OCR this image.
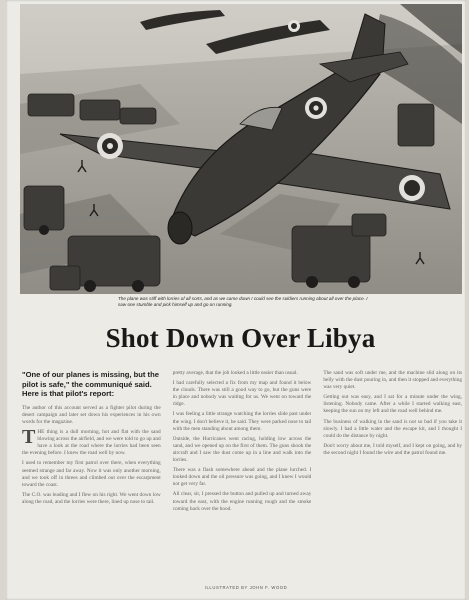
The plane was stiff with lorries of all sorts, and as we came down I could see the soldiers running about all over the place. I saw one stumble and pick himself up and go on running.
Shot Down Over Libya

"One of our planes is missing, but the pilot is safe," the communiqué said. Here is that pilot's report:

The author of this account served as a fighter pilot during the desert campaign and later set down his experiences in his own words for the magazine.

T HE thing is a dull morning, hot and flat with the sand blowing across the airfield, and we were told to go up and have a look at the road where the lorries had been seen the evening before. I knew the road well by now.

I used to remember my first patrol over there, when everything seemed strange and far away. Now it was only another morning, and we took off in threes and climbed out over the escarpment toward the coast.

The C.O. was leading and I flew on his right. We went down low along the road, and the lorries were there, lined up nose to tail.

pretty average, that the job looked a little easier than usual.

I had carefully selected a fix from my map and found it below the clouds. There was still a good way to go, but the guns were in place and nobody was waiting for us. We went on toward the ridge.

I was feeling a little strange watching the lorries slide past under the wing. I don't believe it, he said. They were parked nose to tail with the men standing about among them.

Outside, the Hurricanes went racing, holding low across the sand, and we opened up on the first of them. The guns shook the aircraft and I saw the dust come up in a line and walk into the lorries.

There was a flash somewhere ahead and the plane lurched. I looked down and the oil pressure was going, and I knew I would not get very far.

All clear, sir, I pressed the button and pulled up and turned away toward the east, with the engine running rough and the smoke coming back over the hood.

The sand was soft under me, and the machine slid along on its belly with the dust pouring in, and then it stopped and everything was very quiet.

Getting out was easy, and I sat for a minute under the wing, listening. Nobody came. After a while I started walking east, keeping the sun on my left and the road well behind me.

The business of walking in the sand is not so bad if you take it slowly. I had a little water and the escape kit, and I thought I could do the distance by night.

Don't worry about me, I told myself, and I kept on going, and by the second night I found the wire and the patrol found me.

ILLUSTRATED BY JOHN F. WOOD
